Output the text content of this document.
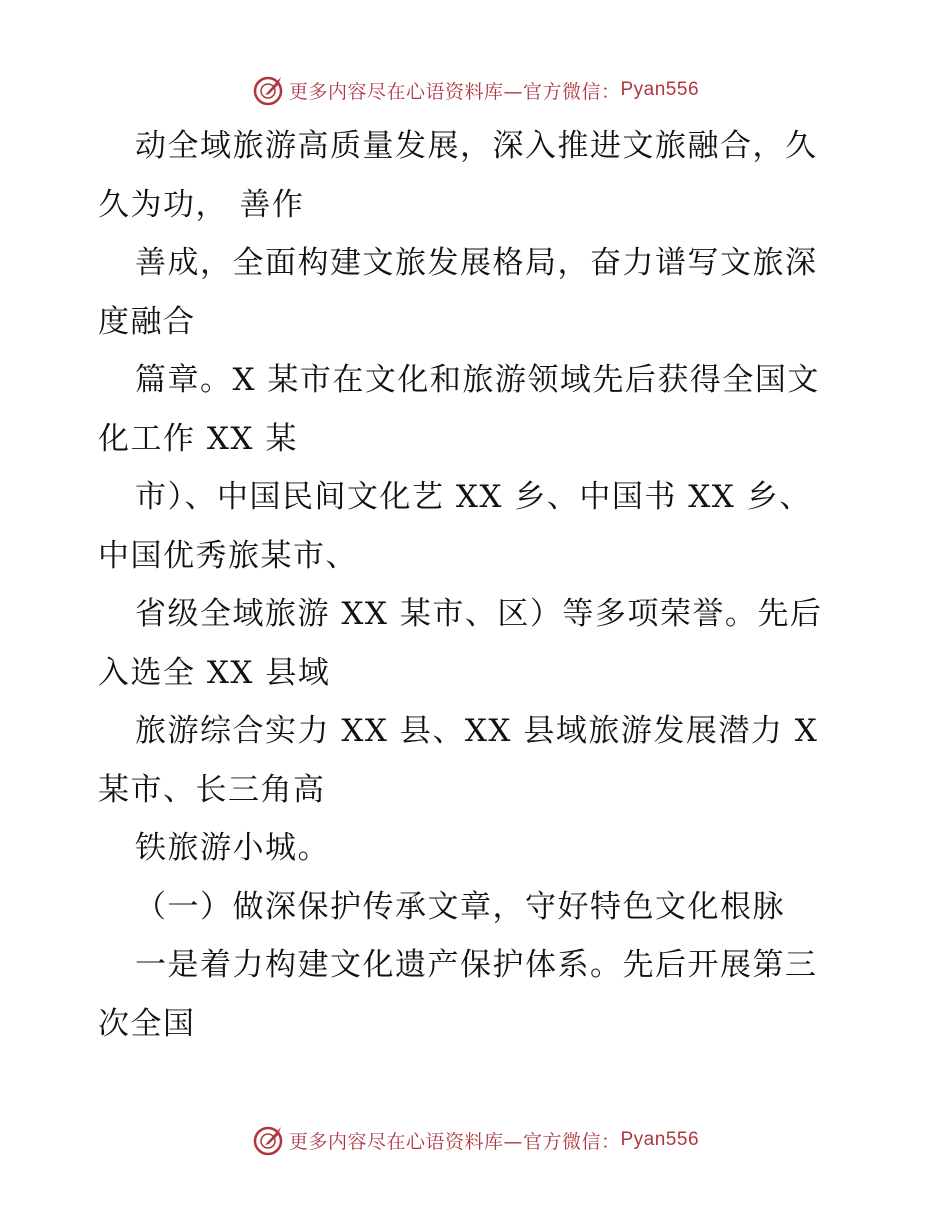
更多内容尽在心语资料库—官方微信： Pyan556
动全域旅游高质量发展，深入推进文旅融合，久
久为功， 善作
善成，全面构建文旅发展格局，奋力谱写文旅深
度融合
篇章。X 某市在文化和旅游领域先后获得全国文
化工作 XX 某
市）、中国民间文化艺 XX 乡、中国书 XX 乡、
中国优秀旅某市、
省级全域旅游 XX 某市、区）等多项荣誉。先后
入选全 XX 县域
旅游综合实力 XX 县、XX 县域旅游发展潜力 X
某市、长三角高
铁旅游小城。
（一）做深保护传承文章，守好特色文化根脉
一是着力构建文化遗产保护体系。先后开展第三
次全国
更多内容尽在心语资料库—官方微信： Pyan556
